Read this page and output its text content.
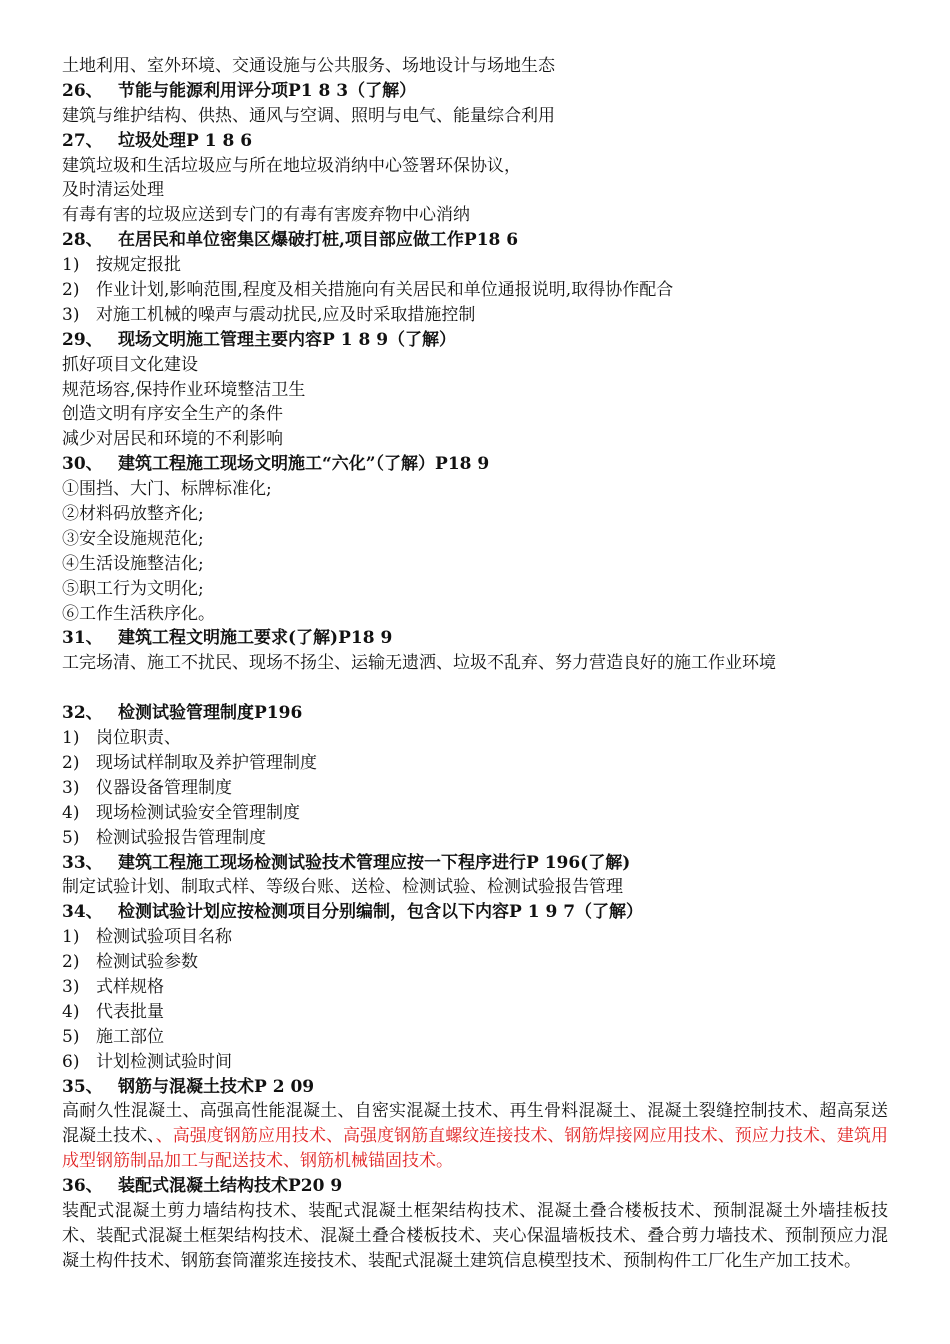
土地利用、室外环境、交通设施与公共服务、场地设计与场地生态
26、 节能与能源利用评分项P1 8 3（了解）
建筑与维护结构、供热、通风与空调、照明与电气、能量综合利用
27、 垃圾处理P 1 8 6
建筑垃圾和生活垃圾应与所在地垃圾消纳中心签署环保协议，
及时清运处理
有毒有害的垃圾应送到专门的有毒有害废弃物中心消纳
28、 在居民和单位密集区爆破打桩,项目部应做工作P18 6
1) 按规定报批
2) 作业计划,影响范围,程度及相关措施向有关居民和单位通报说明,取得协作配合
3) 对施工机械的噪声与震动扰民,应及时采取措施控制
29、 现场文明施工管理主要内容P 1 8 9（了解）
抓好项目文化建设
规范场容,保持作业环境整洁卫生
创造文明有序安全生产的条件
减少对居民和环境的不利影响
30、 建筑工程施工现场文明施工“六化”（了解）P18 9
①围挡、大门、标牌标准化;
②材料码放整齐化;
③安全设施规范化;
④生活设施整洁化;
⑤职工行为文明化;
⑥工作生活秩序化。
31、 建筑工程文明施工要求(了解)P18 9
工完场清、施工不扰民、现场不扬尘、运输无遗洒、垃圾不乱弃、努力营造良好的施工作业环境
32、 检测试验管理制度P196
1) 岗位职责、
2) 现场试样制取及养护管理制度
3) 仪器设备管理制度
4) 现场检测试验安全管理制度
5) 检测试验报告管理制度
33、 建筑工程施工现场检测试验技术管理应按一下程序进行P 196(了解)
制定试验计划、制取式样、等级台账、送检、检测试验、检测试验报告管理
34、 检测试验计划应按检测项目分别编制，包含以下内容P 1 9 7（了解）
1) 检测试验项目名称
2) 检测试验参数
3) 式样规格
4) 代表批量
5) 施工部位
6) 计划检测试验时间
35、 钢筋与混凝土技术P 2 09
高耐久性混凝土、高强高性能混凝土、自密实混凝土技术、再生骨料混凝土、混凝土裂缝控制技术、超高泵送混凝土技术、、高强度钢筋应用技术、高强度钢筋直螺纹连接技术、钢筋焊接网应用技术、预应力技术、建筑用成型钢筋制品加工与配送技术、钢筋机械锚固技术。
36、 装配式混凝土结构技术P20 9
装配式混凝土剪力墙结构技术、装配式混凝土框架结构技术、混凝土叠合楼板技术、预制混凝土外墙挂板技术、装配式混凝土框架结构技术、混凝土叠合楼板技术、夹心保温墙板技术、叠合剪力墙技术、预制预应力混凝土构件技术、钢筋套筒灌浆连接技术、装配式混凝土建筑信息模型技术、预制构件工厂化生产加工技术。
